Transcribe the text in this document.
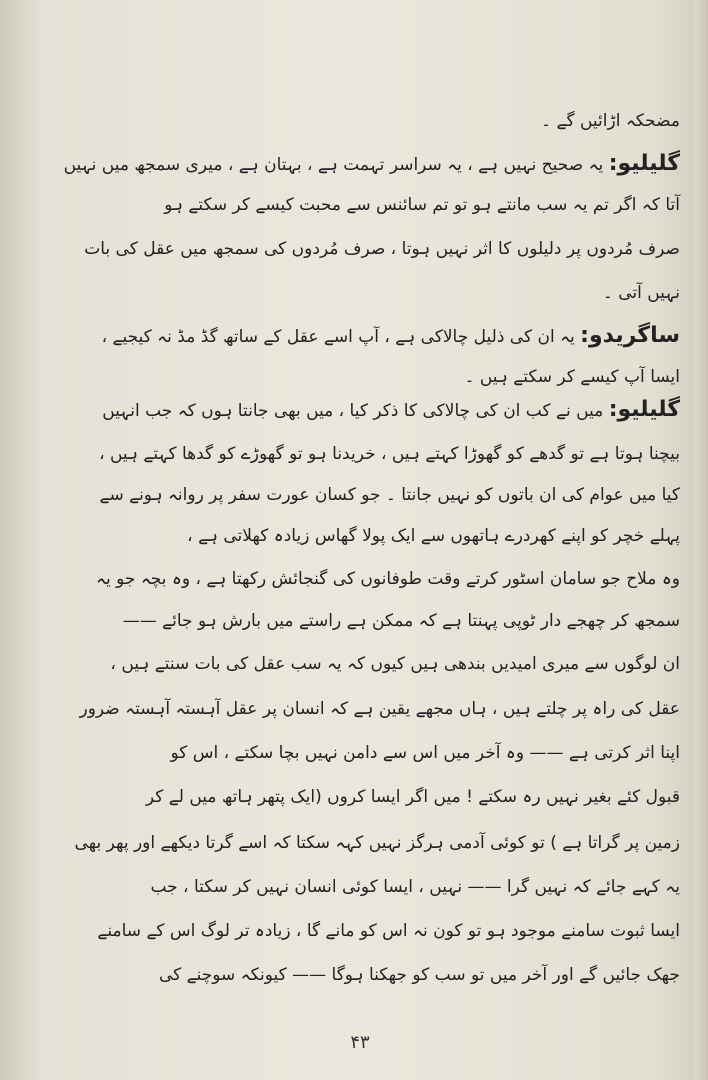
مضحکہ اڑائیں گے ۔
گلیلیو: یہ صحیح نہیں ہے ، یہ سراسر تہمت ہے ، بہتان ہے ، میری سمجھ میں نہیں
آتا کہ اگر تم یہ سب مانتے ہو تو تم سائنس سے محبت کیسے کر سکتے ہو
صرف مُردوں پر دلیلوں کا اثر نہیں ہوتا ، صرف مُردوں کی سمجھ میں عقل کی بات
نہیں آتی ۔
ساگریدو: یہ ان کی ذلیل چالاکی ہے ، آپ اسے عقل کے ساتھ گڈ مڈ نہ کیجیے ،
ایسا آپ کیسے کر سکتے ہیں ۔
گلیلیو: میں نے کب ان کی چالاکی کا ذکر کیا ، میں بھی جانتا ہوں کہ جب انہیں
بیچنا ہوتا ہے تو گدھے کو گھوڑا کہتے ہیں ، خریدنا ہو تو گھوڑے کو گدھا کہتے ہیں ،
کیا میں عوام کی ان باتوں کو نہیں جانتا ۔ جو کسان عورت سفر پر روانہ ہونے سے
پہلے خچر کو اپنے کھردرے ہاتھوں سے ایک پولا گھاس زیادہ کھلاتی ہے ،
وہ ملاح جو سامان اسٹور کرتے وقت طوفانوں کی گنجائش رکھتا ہے ، وہ بچہ جو یہ
سمجھ کر چھجے دار ٹوپی پہنتا ہے کہ ممکن ہے راستے میں بارش ہو جائے ——
ان لوگوں سے میری امیدیں بندھی ہیں کیوں کہ یہ سب عقل کی بات سنتے ہیں ،
عقل کی راہ پر چلتے ہیں ، ہاں مجھے یقین ہے کہ انسان پر عقل آہستہ آہستہ ضرور
اپنا اثر کرتی ہے —— وہ آخر میں اس سے دامن نہیں بچا سکتے ، اس کو
قبول کئے بغیر نہیں رہ سکتے ! میں اگر ایسا کروں (ایک پتھر ہاتھ میں لے کر
زمین پر گراتا ہے ) تو کوئی آدمی ہرگز نہیں کہہ سکتا کہ اسے گرتا دیکھے اور پھر بھی
یہ کہے جائے کہ نہیں گرا —— نہیں ، ایسا کوئی انسان نہیں کر سکتا ، جب
ایسا ثبوت سامنے موجود ہو تو کون نہ اس کو مانے گا ، زیادہ تر لوگ اس کے سامنے
جھک جائیں گے اور آخر میں تو سب کو جھکنا ہوگا —— کیونکہ سوچنے کی
۴۳
